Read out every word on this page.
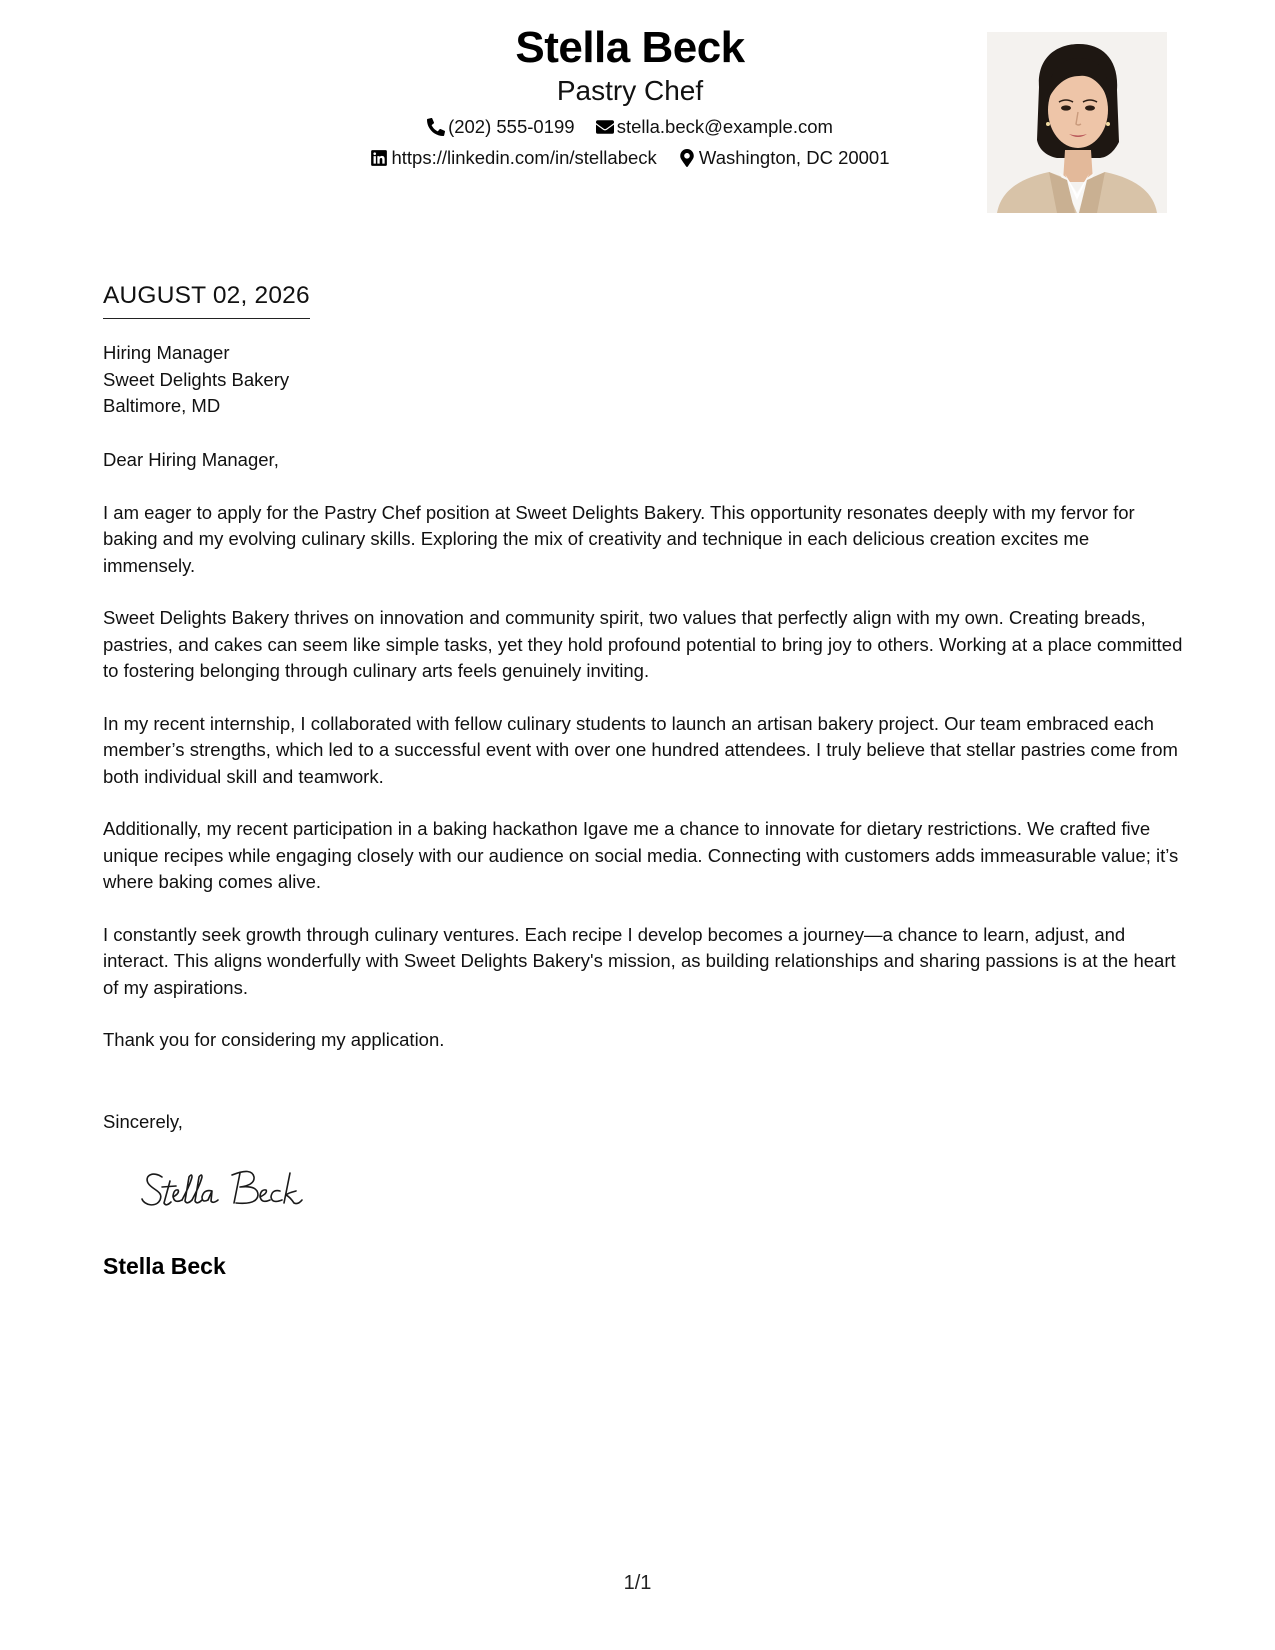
Stella Beck
Pastry Chef
(202) 555-0199 stella.beck@example.com
https://linkedin.com/in/stellabeck Washington, DC 20001
AUGUST 02, 2026
Hiring Manager
Sweet Delights Bakery
Baltimore, MD

Dear Hiring Manager,

I am eager to apply for the Pastry Chef position at Sweet Delights Bakery. This opportunity resonates deeply with my fervor for baking and my evolving culinary skills. Exploring the mix of creativity and technique in each delicious creation excites me immensely.

Sweet Delights Bakery thrives on innovation and community spirit, two values that perfectly align with my own. Creating breads, pastries, and cakes can seem like simple tasks, yet they hold profound potential to bring joy to others. Working at a place committed to fostering belonging through culinary arts feels genuinely inviting.

In my recent internship, I collaborated with fellow culinary students to launch an artisan bakery project. Our team embraced each member’s strengths, which led to a successful event with over one hundred attendees. I truly believe that stellar pastries come from both individual skill and teamwork.

Additionally, my recent participation in a baking hackathon Igave me a chance to innovate for dietary restrictions. We crafted five unique recipes while engaging closely with our audience on social media. Connecting with customers adds immeasurable value; it’s where baking comes alive.

I constantly seek growth through culinary ventures. Each recipe I develop becomes a journey—a chance to learn, adjust, and interact. This aligns wonderfully with Sweet Delights Bakery's mission, as building relationships and sharing passions is at the heart of my aspirations.

Thank you for considering my application.

Sincerely,
Stella Beck
1/1
